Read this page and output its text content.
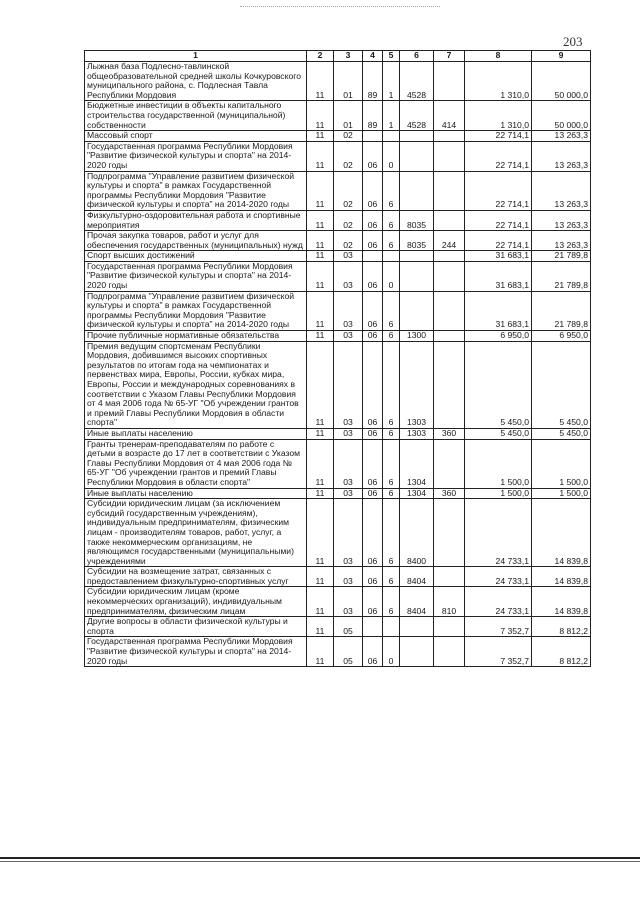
203
1	2	3	4	5	6	7	8	9
Лыжная база Подлесно-тавлинской общеобразовательной средней школы Кочкуровского муниципального района, с. Подлесная Тавла Республики Мордовия	11	01	89	1	4528		1 310,0	50 000,0
Бюджетные инвестиции в объекты капитального строительства государственной (муниципальной) собственности	11	01	89	1	4528	414	1 310,0	50 000,0
Массовый спорт	11	02					22 714,1	13 263,3
Государственная программа Республики Мордовия "Развитие физической культуры и спорта" на 2014-2020 годы	11	02	06	0			22 714,1	13 263,3
Подпрограмма "Управление развитием физической культуры и спорта" в рамках Государственной программы Республики Мордовия "Развитие физической культуры и спорта" на 2014-2020 годы	11	02	06	6			22 714,1	13 263,3
Физкультурно-оздоровительная работа и спортивные мероприятия	11	02	06	6	8035		22 714,1	13 263,3
Прочая закупка товаров, работ и услуг для обеспечения государственных (муниципальных) нужд	11	02	06	6	8035	244	22 714,1	13 263,3
Спорт высших достижений	11	03					31 683,1	21 789,8
Государственная программа Республики Мордовия "Развитие физической культуры и спорта" на 2014-2020 годы	11	03	06	0			31 683,1	21 789,8
Подпрограмма "Управление развитием физической культуры и спорта" в рамках Государственной программы Республики Мордовия "Развитие физической культуры и спорта" на 2014-2020 годы	11	03	06	6			31 683,1	21 789,8
Прочие публичные нормативные обязательства	11	03	06	6	1300		6 950,0	6 950,0
Премия ведущим спортсменам Республики Мордовия, добившимся высоких спортивных результатов по итогам года на чемпионатах и первенствах мира, Европы, России, кубках мира, Европы, России и международных соревнованиях в соответствии с Указом Главы Республики Мордовия от 4 мая 2006 года № 65-УГ "Об учреждении грантов и премий Главы Республики Мордовия в области спорта"	11	03	06	6	1303		5 450,0	5 450,0
Иные выплаты населению	11	03	06	6	1303	360	5 450,0	5 450,0
Гранты тренерам-преподавателям по работе с детьми в возрасте до 17 лет в соответствии с Указом Главы Республики Мордовия от 4 мая 2006 года № 65-УГ "Об учреждении грантов и премий Главы Республики Мордовия в области спорта"	11	03	06	6	1304		1 500,0	1 500,0
Иные выплаты населению	11	03	06	6	1304	360	1 500,0	1 500,0
Субсидии юридическим лицам (за исключением субсидий государственным учреждениям), индивидуальным предпринимателям, физическим лицам - производителям товаров, работ, услуг, а также некоммерческим организациям, не являющимся государственными (муниципальными) учреждениями	11	03	06	6	8400		24 733,1	14 839,8
Субсидии на возмещение затрат, связанных с предоставлением физкультурно-спортивных услуг	11	03	06	6	8404		24 733,1	14 839,8
Субсидии юридическим лицам (кроме некоммерческих организаций), индивидуальным предпринимателям, физическим лицам	11	03	06	6	8404	810	24 733,1	14 839,8
Другие вопросы в области физической культуры и спорта	11	05					7 352,7	8 812,2
Государственная программа Республики Мордовия "Развитие физической культуры и спорта" на 2014-2020 годы	11	05	06	0			7 352,7	8 812,2
